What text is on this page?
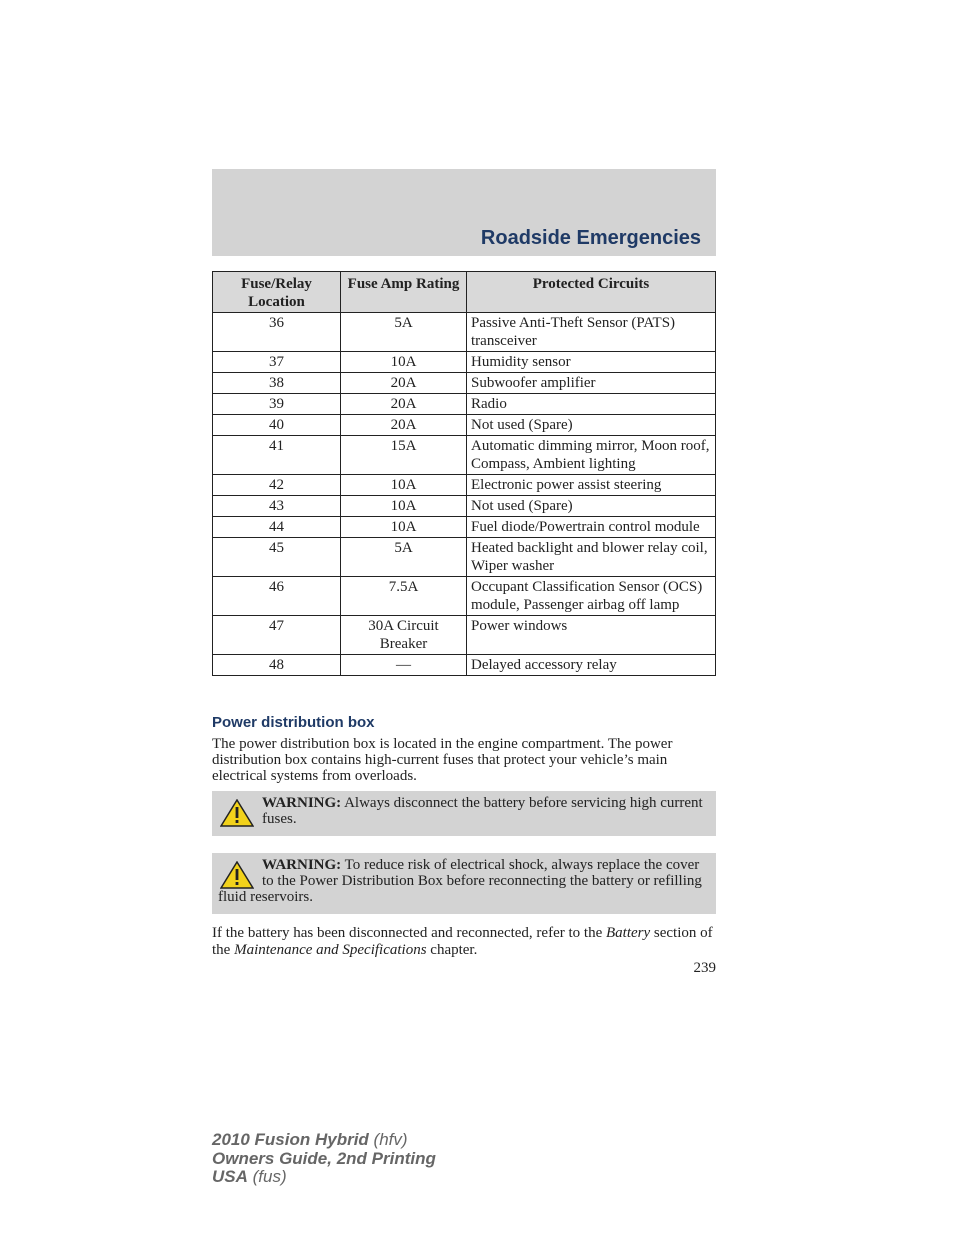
Roadside Emergencies
Fuse/Relay Location	Fuse Amp Rating	Protected Circuits
36	5A	Passive Anti-Theft Sensor (PATS) transceiver
37	10A	Humidity sensor
38	20A	Subwoofer amplifier
39	20A	Radio
40	20A	Not used (Spare)
41	15A	Automatic dimming mirror, Moon roof, Compass, Ambient lighting
42	10A	Electronic power assist steering
43	10A	Not used (Spare)
44	10A	Fuel diode/Powertrain control module
45	5A	Heated backlight and blower relay coil, Wiper washer
46	7.5A	Occupant Classification Sensor (OCS) module, Passenger airbag off lamp
47	30A Circuit Breaker	Power windows
48	—	Delayed accessory relay
Power distribution box
The power distribution box is located in the engine compartment. The power distribution box contains high-current fuses that protect your vehicle’s main electrical systems from overloads.
WARNING: Always disconnect the battery before servicing high current fuses.
WARNING: To reduce risk of electrical shock, always replace the cover to the Power Distribution Box before reconnecting the battery or refilling fluid reservoirs.
If the battery has been disconnected and reconnected, refer to the Battery section of the Maintenance and Specifications chapter.
239
2010 Fusion Hybrid (hfv)
Owners Guide, 2nd Printing
USA (fus)
